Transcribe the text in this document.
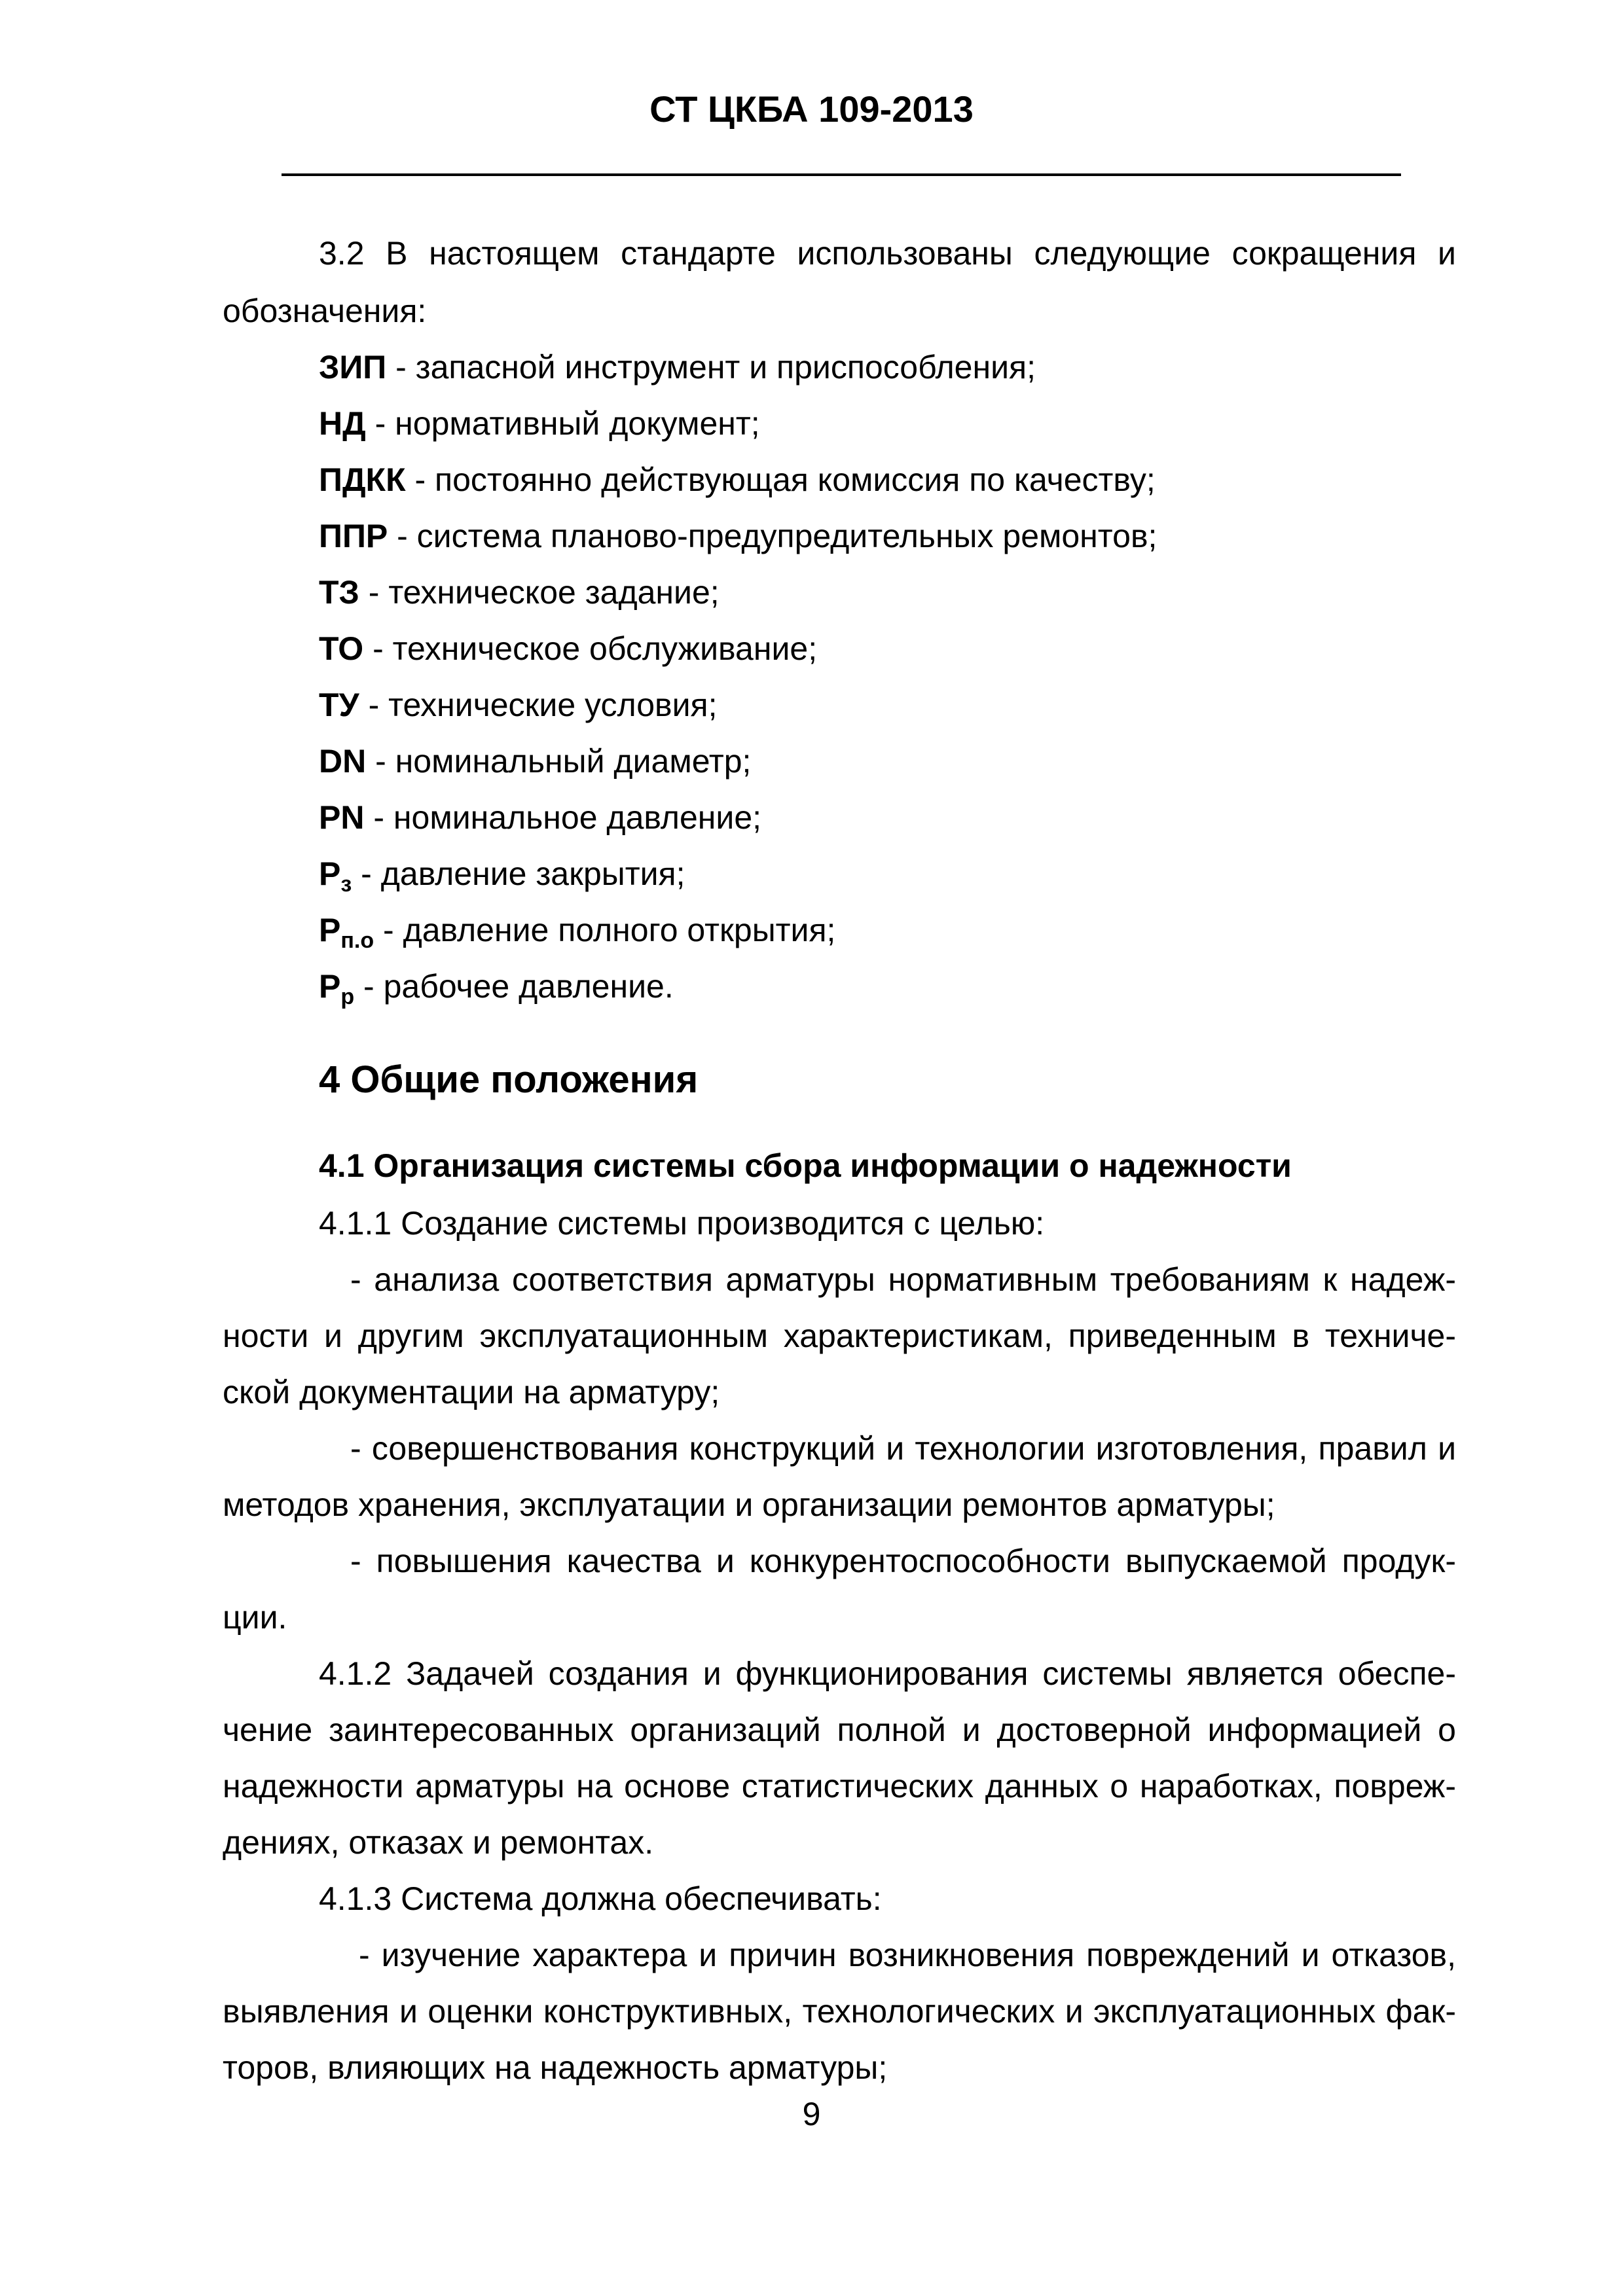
СТ ЦКБА 109-2013
3.2 В настоящем стандарте использованы следующие сокращения и
обозначения:
ЗИП - запасной инструмент и приспособления;
НД - нормативный документ;
ПДКК - постоянно действующая комиссия по качеству;
ППР - система планово-предупредительных ремонтов;
ТЗ - техническое задание;
ТО - техническое обслуживание;
ТУ - технические условия;
DN - номинальный диаметр;
PN - номинальное давление;
$P_з$ - давление закрытия;
$P_{п.о}$ - давление полного открытия;
$P_р$ - рабочее давление.
4 Общие положения
4.1 Организация системы сбора информации о надежности
4.1.1 Создание системы производится с целью:
- анализа соответствия арматуры нормативным требованиям к надеж-
ности и другим эксплуатационным характеристикам, приведенным в техниче-
ской документации на арматуру;
- совершенствования конструкций и технологии изготовления, правил и
методов хранения, эксплуатации и организации ремонтов арматуры;
- повышения качества и конкурентоспособности выпускаемой продук-
ции.
4.1.2 Задачей создания и функционирования системы является обеспе-
чение заинтересованных организаций полной и достоверной информацией о
надежности арматуры на основе статистических данных о наработках, повреж-
дениях, отказах и ремонтах.
4.1.3 Система должна обеспечивать:
- изучение характера и причин возникновения повреждений и отказов,
выявления и оценки конструктивных, технологических и эксплуатационных фак-
торов, влияющих на надежность арматуры;
9
